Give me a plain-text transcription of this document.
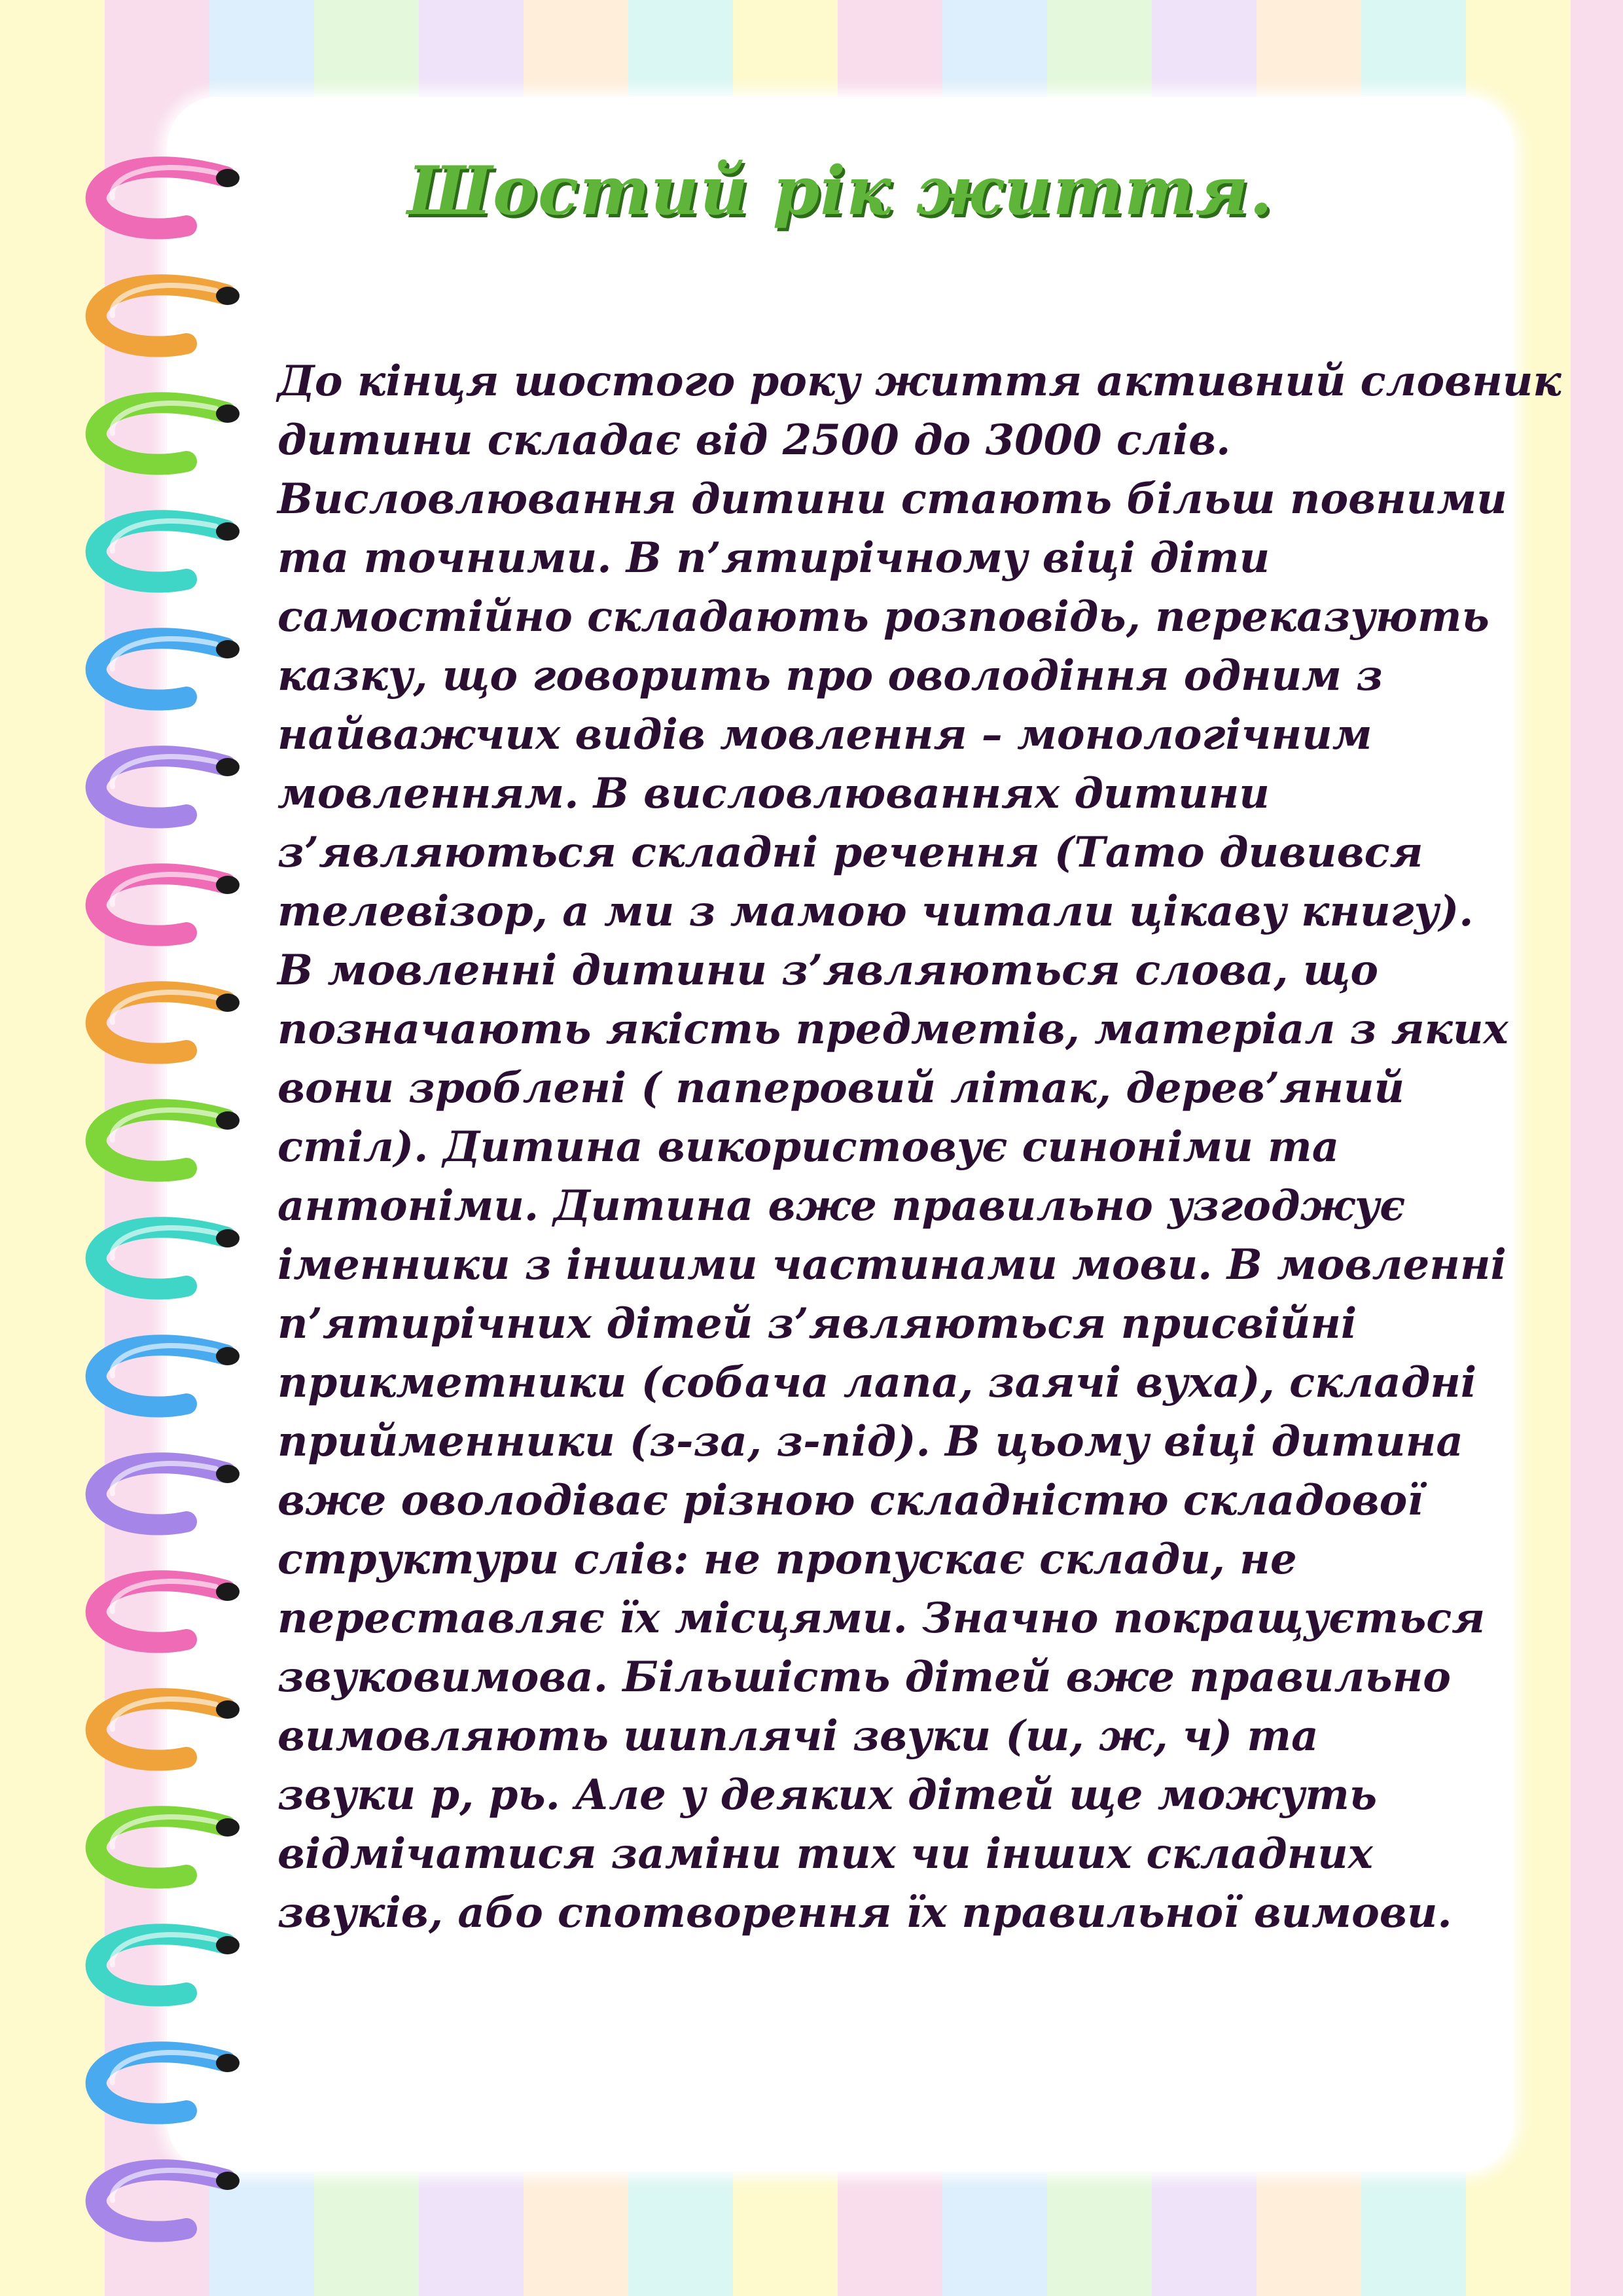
Шостий рік життя.
До кінця шостого року життя активний словник
дитини складає від 2500 до 3000 слів.
Висловлювання дитини стають більш повними
та точними. В п’ятирічному віці діти
самостійно складають розповідь, переказують
казку, що говорить про оволодіння одним з
найважчих видів мовлення – монологічним
мовленням. В висловлюваннях дитини
з’являються складні речення (Тато дивився
телевізор, а ми з мамою читали цікаву книгу).
В мовленні дитини з’являються слова, що
позначають якість предметів, матеріал з яких
вони зроблені ( паперовий літак, дерев’яний
стіл). Дитина використовує синоніми та
антоніми. Дитина вже правильно узгоджує
іменники з іншими частинами мови. В мовленні
п’ятирічних дітей з’являються присвійні
прикметники (собача лапа, заячі вуха), складні
прийменники (з-за, з-під). В цьому віці дитина
вже оволодіває різною складністю складової
структури слів: не пропускає склади, не
переставляє їх місцями. Значно покращується
звуковимова. Більшість дітей вже правильно
вимовляють шиплячі звуки (ш, ж, ч) та
звуки р, рь. Але у деяких дітей ще можуть
відмічатися заміни тих чи інших складних
звуків, або спотворення їх правильної вимови.
